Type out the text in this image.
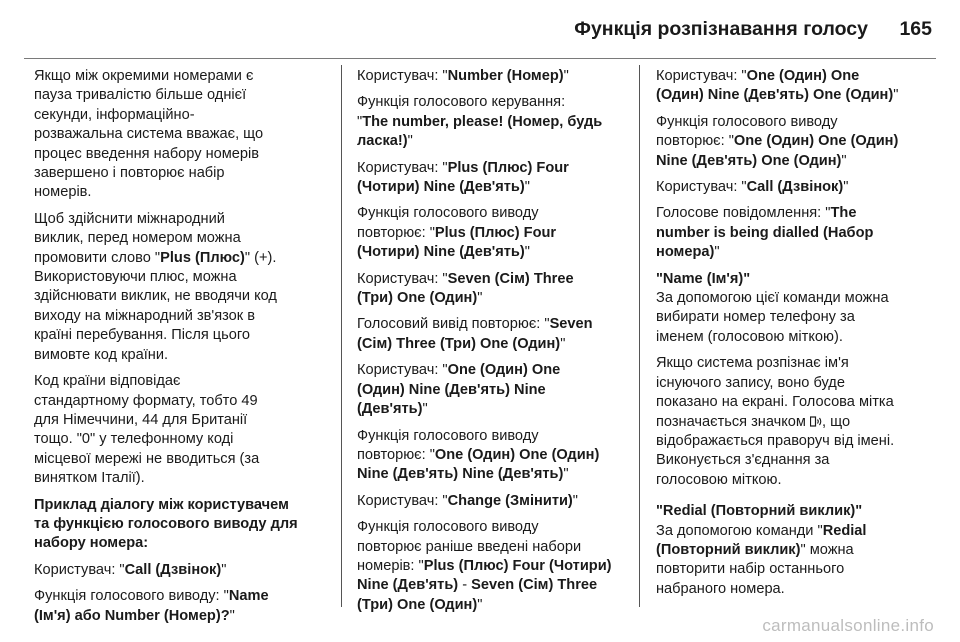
Функція розпізнавання голосу 165

Якщо між окремими номерами є
пауза тривалістю більше однієї
секунди, інформаційно-
розважальна система вважає, що
процес введення набору номерів
завершено і повторює набір
номерів.

Щоб здійснити міжнародний
виклик, перед номером можна
промовити слово "Plus (Плюс)" (+).
Використовуючи плюс, можна
здійснювати виклик, не вводячи код
виходу на міжнародний зв'язок в
країні перебування. Після цього
вимовте код країни.

Код країни відповідає
стандартному формату, тобто 49
для Німеччини, 44 для Британії
тощо. "0" у телефонному коді
місцевої мережі не вводиться (за
винятком Італії).

Приклад діалогу між користувачем
та функцією голосового виводу для
набору номера:

Користувач: "Call (Дзвінок)"

Функція голосового виводу: "Name
(Ім'я) або Number (Номер)?"

Користувач: "Number (Номер)"

Функція голосового керування:
"The number, please! (Номер, будь
ласка!)"

Користувач: "Plus (Плюс) Four
(Чотири) Nine (Дев'ять)"

Функція голосового виводу
повторює: "Plus (Плюс) Four
(Чотири) Nine (Дев'ять)"

Користувач: "Seven (Сім) Three
(Три) One (Один)"

Голосовий вивід повторює: "Seven
(Сім) Three (Три) One (Один)"

Користувач: "One (Один) One
(Один) Nine (Дев'ять) Nine
(Дев'ять)"

Функція голосового виводу
повторює: "One (Один) One (Один)
Nine (Дев'ять) Nine (Дев'ять)"

Користувач: "Change (Змінити)"

Функція голосового виводу
повторює раніше введені набори
номерів: "Plus (Плюс) Four (Чотири)
Nine (Дев'ять) - Seven (Сім) Three
(Три) One (Один)"

Користувач: "One (Один) One
(Один) Nine (Дев'ять) One (Один)"

Функція голосового виводу
повторює: "One (Один) One (Один)
Nine (Дев'ять) One (Один)"

Користувач: "Call (Дзвінок)"

Голосове повідомлення: "The
number is being dialled (Набор
номера)"

"Name (Ім'я)"
За допомогою цієї команди можна
вибирати номер телефону за
іменем (голосовою міткою).

Якщо система розпізнає ім'я
існуючого запису, воно буде
показано на екрані. Голосова мітка
позначається значком , що
відображається праворуч від імені.
Виконується з'єднання за
голосовою міткою.

"Redial (Повторний виклик)"
За допомогою команди "Redial
(Повторний виклик)" можна
повторити набір останнього
набраного номера.

carmanualsonline.info
